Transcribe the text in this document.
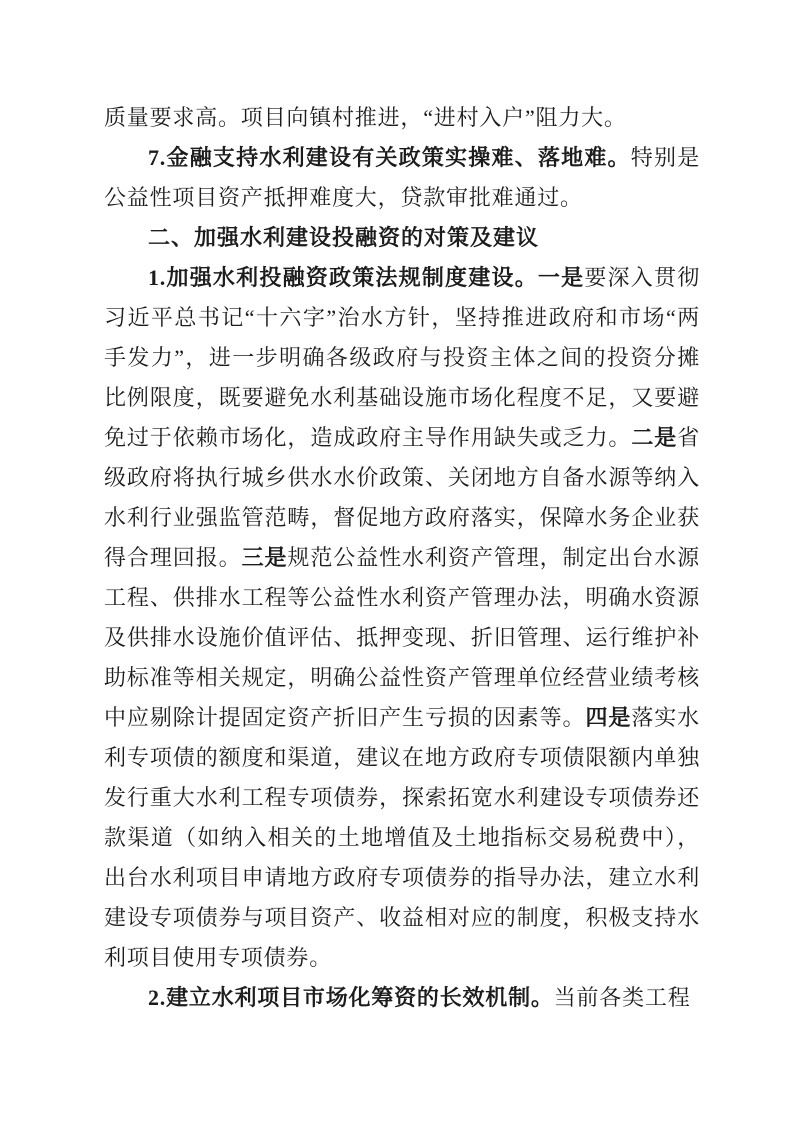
质量要求高。项目向镇村推进，“进村入户”阻力大。

7.金融支持水利建设有关政策实操难、落地难。特别是公益性项目资产抵押难度大，贷款审批难通过。

二、加强水利建设投融资的对策及建议

1.加强水利投融资政策法规制度建设。一是要深入贯彻习近平总书记“十六字”治水方针，坚持推进政府和市场“两手发力”，进一步明确各级政府与投资主体之间的投资分摊比例限度，既要避免水利基础设施市场化程度不足，又要避免过于依赖市场化，造成政府主导作用缺失或乏力。二是省级政府将执行城乡供水水价政策、关闭地方自备水源等纳入水利行业强监管范畴，督促地方政府落实，保障水务企业获得合理回报。三是规范公益性水利资产管理，制定出台水源工程、供排水工程等公益性水利资产管理办法，明确水资源及供排水设施价值评估、抵押变现、折旧管理、运行维护补助标准等相关规定，明确公益性资产管理单位经营业绩考核中应剔除计提固定资产折旧产生亏损的因素等。四是落实水利专项债的额度和渠道，建议在地方政府专项债限额内单独发行重大水利工程专项债券，探索拓宽水利建设专项债券还款渠道（如纳入相关的土地增值及土地指标交易税费中），出台水利项目申请地方政府专项债券的指导办法，建立水利建设专项债券与项目资产、收益相对应的制度，积极支持水利项目使用专项债券。

2.建立水利项目市场化筹资的长效机制。当前各类工程
